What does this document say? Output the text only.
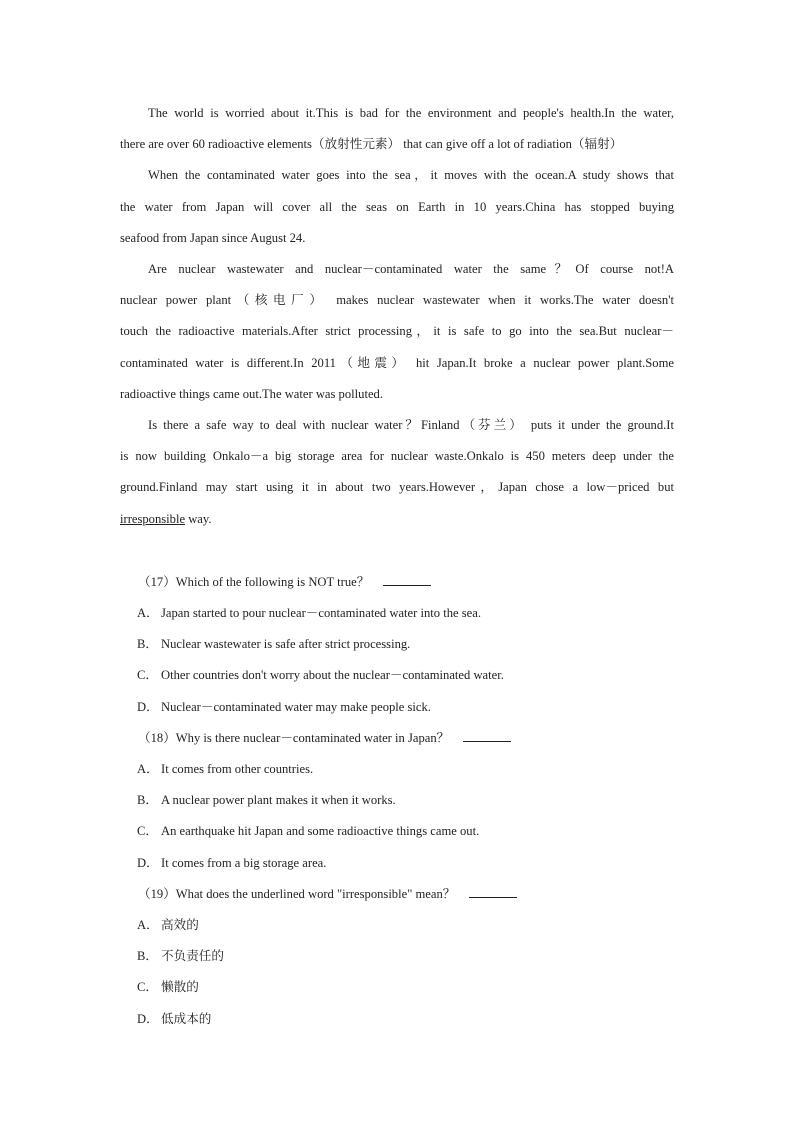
The world is worried about it.This is bad for the environment and people's health.In the water,

there are over 60 radioactive elements（放射性元素） that can give off a lot of radiation（辐射）

When the contaminated water goes into the sea，it moves with the ocean.A study shows that

the water from Japan will cover all the seas on Earth in 10 years.China has stopped buying

seafood from Japan since August 24.

Are nuclear wastewater and nuclear－contaminated water the same？Of course not!A

nuclear power plant（核电厂） makes nuclear wastewater when it works.The water doesn't

touch the radioactive materials.After strict processing，it is safe to go into the sea.But nuclear－

contaminated water is different.In 2011（地震） hit Japan.It broke a nuclear power plant.Some

radioactive things came out.The water was polluted.

Is there a safe way to deal with nuclear water？Finland（芬兰） puts it under the ground.It

is now building Onkalo－a big storage area for nuclear waste.Onkalo is 450 meters deep under the

ground.Finland may start using it in about two years.However，Japan chose a low－priced but

irresponsible way.

（17）Which of the following is NOT true？

A． Japan started to pour nuclear－contaminated water into the sea.

B． Nuclear wastewater is safe after strict processing.

C． Other countries don't worry about the nuclear－contaminated water.

D． Nuclear－contaminated water may make people sick.

（18）Why is there nuclear－contaminated water in Japan？

A． It comes from other countries.

B． A nuclear power plant makes it when it works.

C． An earthquake hit Japan and some radioactive things came out.

D． It comes from a big storage area.

（19）What does the underlined word "irresponsible" mean？

A． 高效的

B． 不负责任的

C． 懒散的

D． 低成本的
